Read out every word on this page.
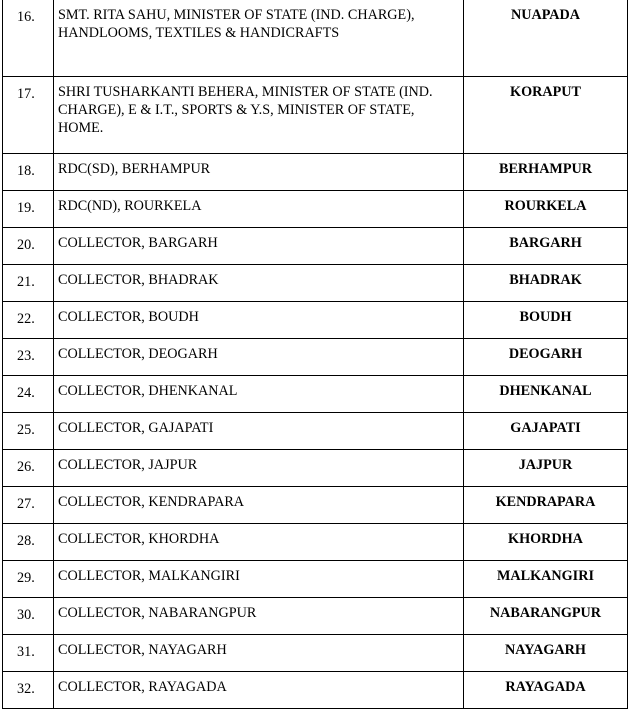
16.	SMT. RITA SAHU, MINISTER OF STATE (IND. CHARGE), HANDLOOMS, TEXTILES & HANDICRAFTS	NUAPADA
17.	SHRI TUSHARKANTI BEHERA, MINISTER OF STATE (IND. CHARGE), E & I.T., SPORTS & Y.S, MINISTER OF STATE, HOME.	KORAPUT
18.	RDC(SD), BERHAMPUR	BERHAMPUR
19.	RDC(ND), ROURKELA	ROURKELA
20.	COLLECTOR, BARGARH	BARGARH
21.	COLLECTOR, BHADRAK	BHADRAK
22.	COLLECTOR, BOUDH	BOUDH
23.	COLLECTOR, DEOGARH	DEOGARH
24.	COLLECTOR, DHENKANAL	DHENKANAL
25.	COLLECTOR, GAJAPATI	GAJAPATI
26.	COLLECTOR, JAJPUR	JAJPUR
27.	COLLECTOR, KENDRAPARA	KENDRAPARA
28.	COLLECTOR, KHORDHA	KHORDHA
29.	COLLECTOR, MALKANGIRI	MALKANGIRI
30.	COLLECTOR, NABARANGPUR	NABARANGPUR
31.	COLLECTOR, NAYAGARH	NAYAGARH
32.	COLLECTOR, RAYAGADA	RAYAGADA
